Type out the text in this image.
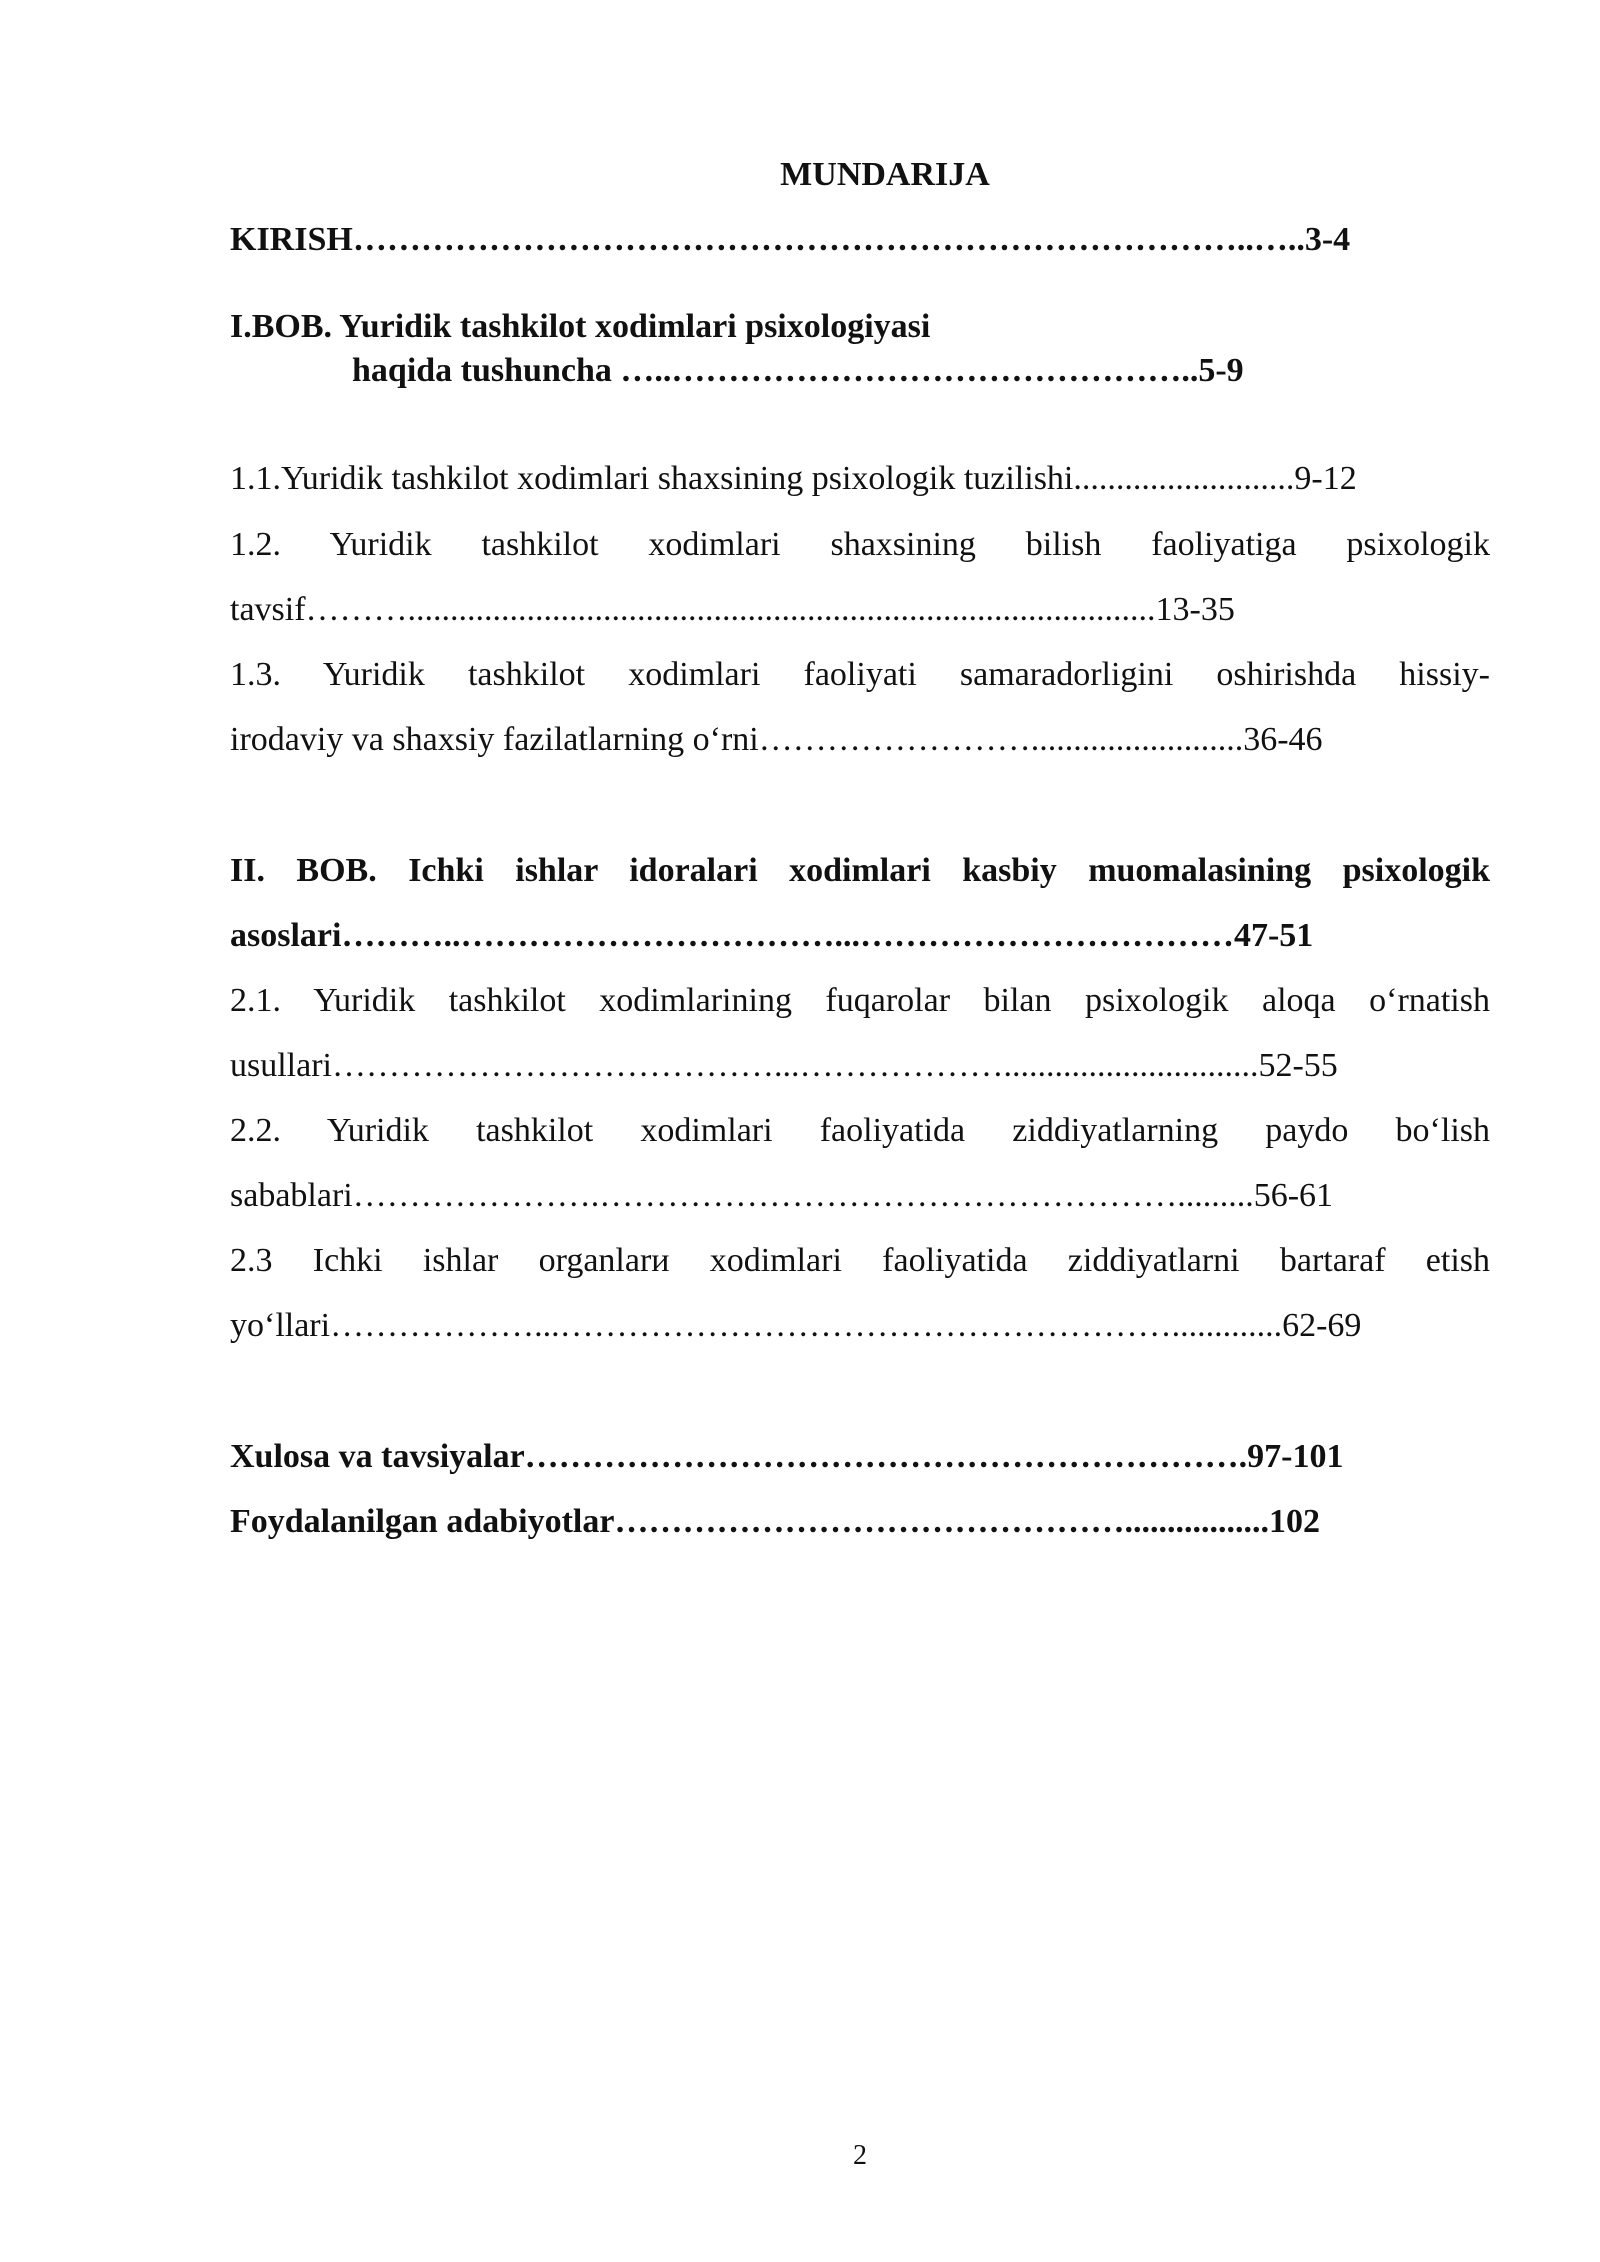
MUNDARIJA
KIRISH……………………………………………………………………..…..3-4
I.BOB. Yuridik tashkilot xodimlari psixologiyasi
haqida tushuncha …..………………………………………..5-9
1.1.Yuridik tashkilot xodimlari shaxsining psixologik tuzilishi..........................9-12
1.2. Yuridik tashkilot xodimlari shaxsining bilish faoliyatiga psixologik
tavsif………........................................................................................13-35
1.3. Yuridik tashkilot xodimlari faoliyati samaradorligini oshirishda hissiy-
irodaviy va shaxsiy fazilatlarning o‘rni…………………….........................36-46
II. BOB. Ichki ishlar idoralari xodimlari kasbiy muomalasining psixologik
asoslari………..……………………………...……………………………47-51
2.1. Yuridik tashkilot xodimlarining fuqarolar bilan psixologik aloqa o‘rnatish
usullari…………………………………...………………..............................52-55
2.2. Yuridik tashkilot xodimlari faoliyatida ziddiyatlarning paydo bo‘lish
sabablari………………….…………………………………………….........56-61
2.3 Ichki ishlar organlarи xodimlari faoliyatida ziddiyatlarni bartaraf etish
yo‘llari………………...……………………………………………….............62-69
Xulosa va tavsiyalar……………………………………………………….97-101
Foydalanilgan adabiyotlar……………………………………….................102
2
